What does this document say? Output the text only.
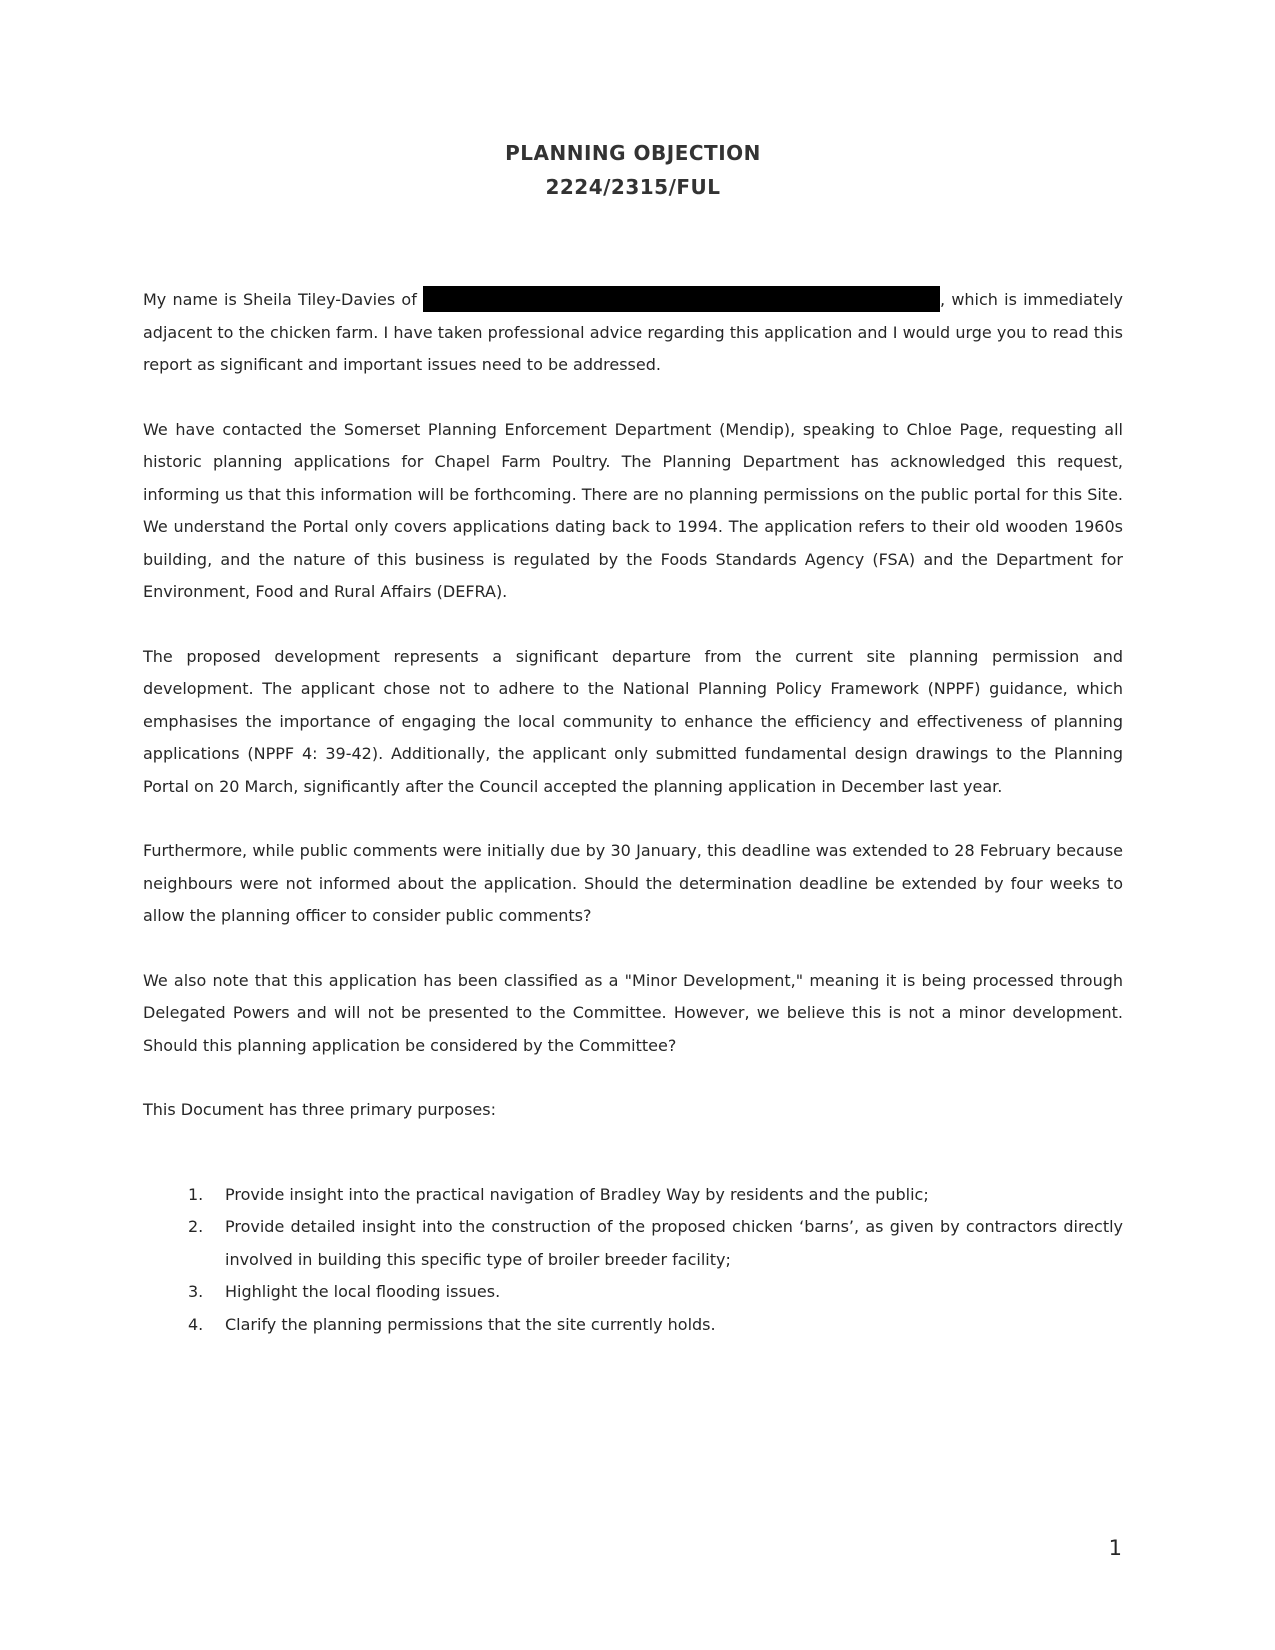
PLANNING OBJECTION
2224/2315/FUL

My name is Sheila Tiley-Davies of	, which is immediately adjacent to the chicken farm. I have taken professional advice regarding this application and I would urge you to read this report as significant and important issues need to be addressed.

We have contacted the Somerset Planning Enforcement Department (Mendip), speaking to Chloe Page, requesting all historic planning applications for Chapel Farm Poultry. The Planning Department has acknowledged this request, informing us that this information will be forthcoming. There are no planning permissions on the public portal for this Site. We understand the Portal only covers applications dating back to 1994. The application refers to their old wooden 1960s building, and the nature of this business is regulated by the Foods Standards Agency (FSA) and the Department for Environment, Food and Rural Affairs (DEFRA).

The proposed development represents a significant departure from the current site planning permission and development. The applicant chose not to adhere to the National Planning Policy Framework (NPPF) guidance, which emphasises the importance of engaging the local community to enhance the efficiency and effectiveness of planning applications (NPPF 4: 39-42). Additionally, the applicant only submitted fundamental design drawings to the Planning Portal on 20 March, significantly after the Council accepted the planning application in December last year.

Furthermore, while public comments were initially due by 30 January, this deadline was extended to 28 February because neighbours were not informed about the application. Should the determination deadline be extended by four weeks to allow the planning officer to consider public comments?

We also note that this application has been classified as a "Minor Development," meaning it is being processed through Delegated Powers and will not be presented to the Committee. However, we believe this is not a minor development. Should this planning application be considered by the Committee?

This Document has three primary purposes:

1. Provide insight into the practical navigation of Bradley Way by residents and the public;
2. Provide detailed insight into the construction of the proposed chicken ‘barns’, as given by contractors directly involved in building this specific type of broiler breeder facility;
3. Highlight the local flooding issues.
4. Clarify the planning permissions that the site currently holds.
1
